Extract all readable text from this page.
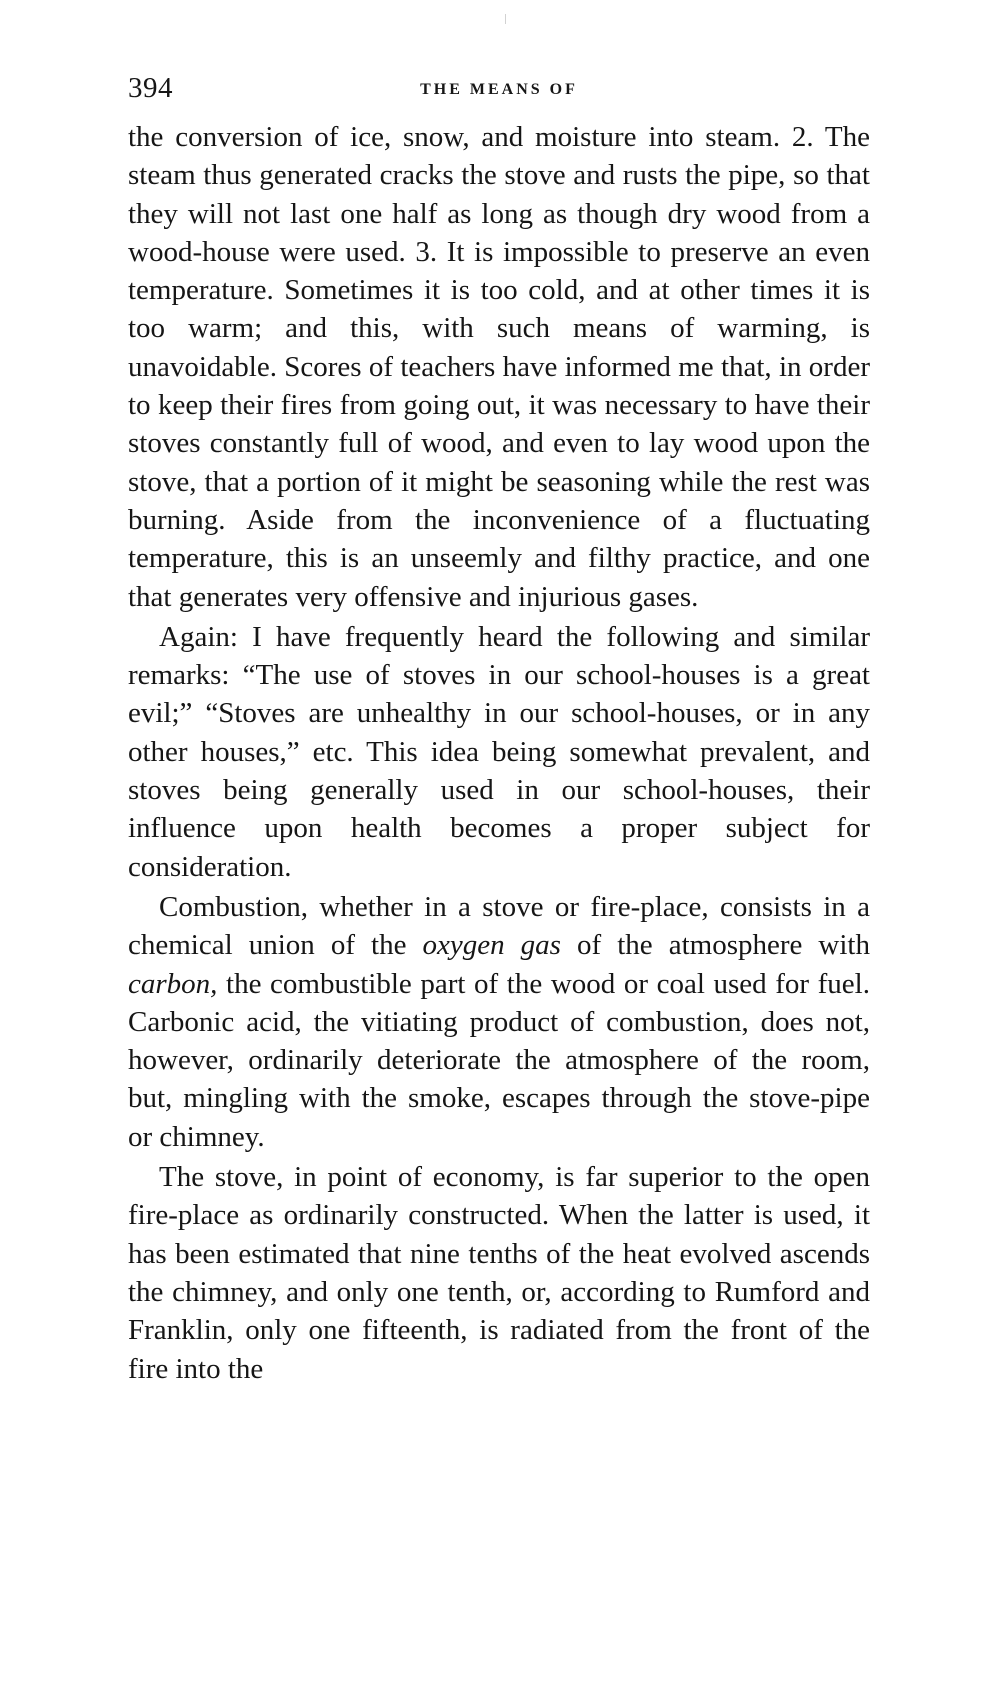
394	THE MEANS OF

the conversion of ice, snow, and moisture into steam. 2. The steam thus generated cracks the stove and rusts the pipe, so that they will not last one half as long as though dry wood from a wood-house were used. 3. It is impossible to preserve an even temperature. Sometimes it is too cold, and at other times it is too warm; and this, with such means of warming, is unavoidable. Scores of teachers have informed me that, in order to keep their fires from going out, it was necessary to have their stoves constantly full of wood, and even to lay wood upon the stove, that a portion of it might be seasoning while the rest was burning. Aside from the inconvenience of a fluctuating temperature, this is an unseemly and filthy practice, and one that generates very offensive and injurious gases.

Again: I have frequently heard the following and similar remarks: “The use of stoves in our school-houses is a great evil;” “Stoves are unhealthy in our school-houses, or in any other houses,” etc. This idea being somewhat prevalent, and stoves being generally used in our school-houses, their influence upon health becomes a proper subject for consideration.

Combustion, whether in a stove or fire-place, consists in a chemical union of the oxygen gas of the atmosphere with carbon, the combustible part of the wood or coal used for fuel. Carbonic acid, the vitiating product of combustion, does not, however, ordinarily deteriorate the atmosphere of the room, but, mingling with the smoke, escapes through the stove-pipe or chimney.

The stove, in point of economy, is far superior to the open fire-place as ordinarily constructed. When the latter is used, it has been estimated that nine tenths of the heat evolved ascends the chimney, and only one tenth, or, according to Rumford and Franklin, only one fifteenth, is radiated from the front of the fire into the
